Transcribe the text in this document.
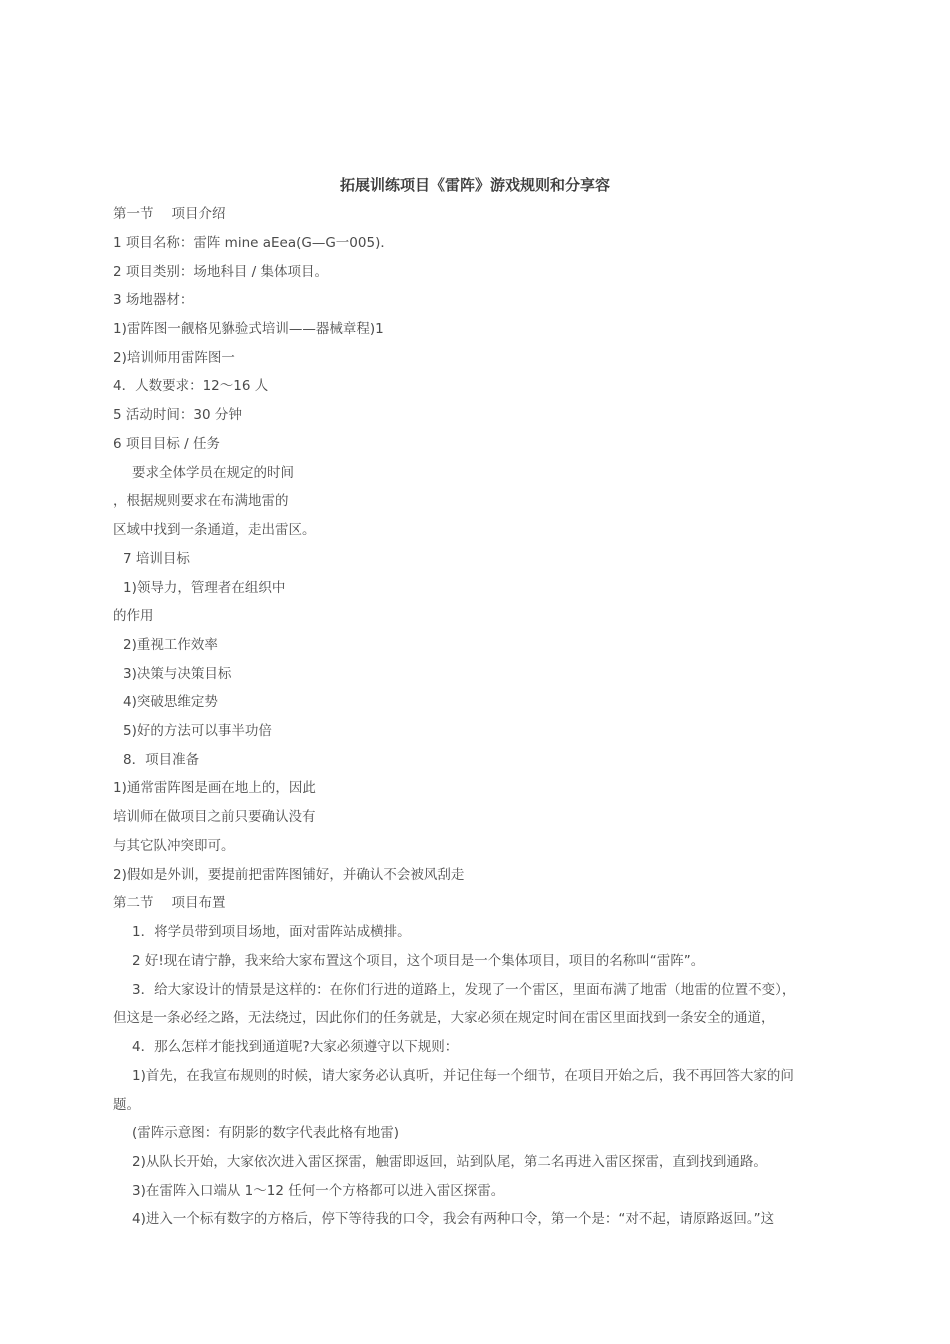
拓展训练项目《雷阵》游戏规则和分享容
第一节 项目介绍
1 项目名称：雷阵 mine aEea(G—G一005)．
2 项目类别：场地科目 / 集体项目。
3 场地器材：
1)雷阵图一觎格见貅验式培训——器械章程)1
2)培训师用雷阵图一
4．人数要求：12～16 人
5 活动时间：30 分钟
6 项目目标 / 任务
要求全体学员在规定的时间
，根据规则要求在布满地雷的
区域中找到一条通道，走出雷区。
7 培训目标
1)领导力，管理者在组织中
的作用
2)重视工作效率
3)决策与决策目标
4)突破思维定势
5)好的方法可以事半功倍
8．项目准备
1)通常雷阵图是画在地上的，因此
培训师在做项目之前只要确认没有
与其它队冲突即可。
2)假如是外训，要提前把雷阵图铺好，并确认不会被风刮走
第二节 项目布置
1．将学员带到项目场地，面对雷阵站成横排。
2 好!现在请宁静，我来给大家布置这个项目，这个项目是一个集体项目，项目的名称叫“雷阵”。
3．给大家设计的情景是这样的：在你们行进的道路上，发现了一个雷区，里面布满了地雷（地雷的位置不变），
但这是一条必经之路，无法绕过，因此你们的任务就是，大家必须在规定时间在雷区里面找到一条安全的通道，
4．那么怎样才能找到通道呢?大家必须遵守以下规则：
1)首先，在我宣布规则的时候，请大家务必认真听，并记住每一个细节，在项目开始之后，我不再回答大家的问
题。
(雷阵示意图：有阴影的数字代表此格有地雷)
2)从队长开始，大家依次进入雷区探雷，触雷即返回，站到队尾，第二名再进入雷区探雷，直到找到通路。
3)在雷阵入口端从 1～12 任何一个方格都可以进入雷区探雷。
4)进入一个标有数字的方格后，停下等待我的口令，我会有两种口令，第一个是：“对不起，请原路返回。”这
